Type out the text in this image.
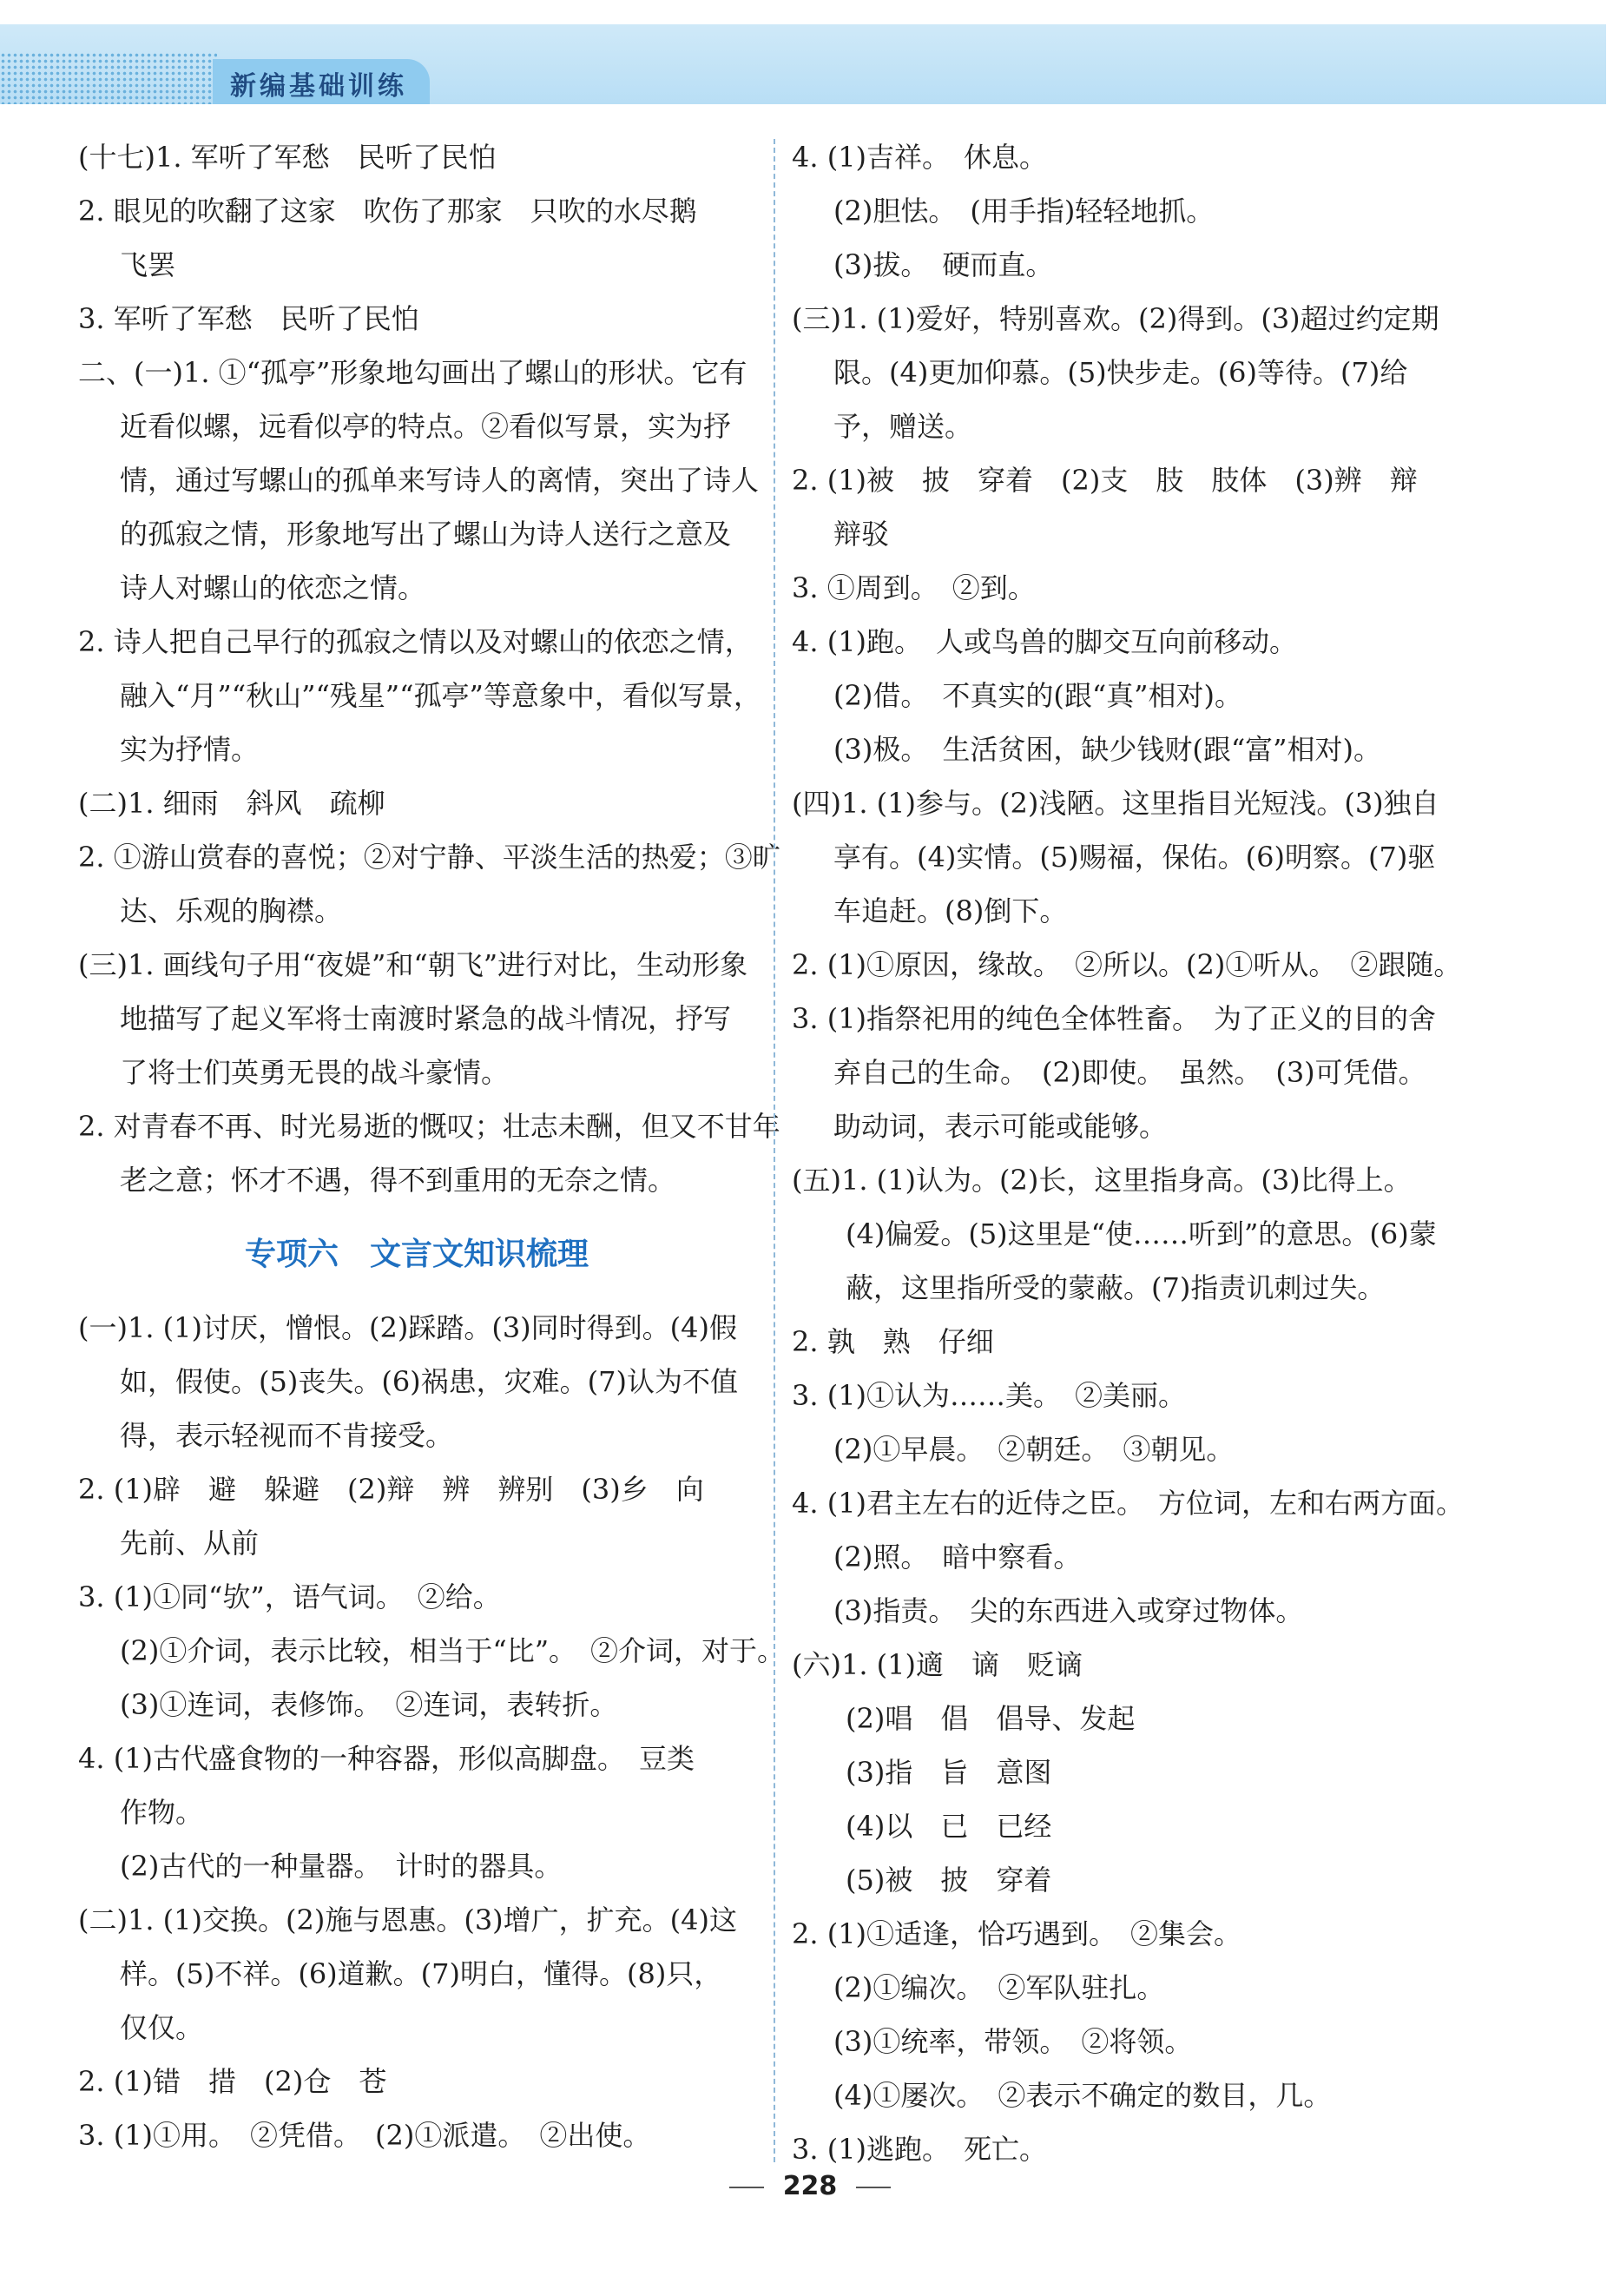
新编基础训练
(十七)1. 军听了军愁　民听了民怕
2. 眼见的吹翻了这家　吹伤了那家　只吹的水尽鹅
飞罢
3. 军听了军愁　民听了民怕
二、(一)1. ①“孤亭”形象地勾画出了螺山的形状。它有
近看似螺，远看似亭的特点。②看似写景，实为抒
情，通过写螺山的孤单来写诗人的离情，突出了诗人
的孤寂之情，形象地写出了螺山为诗人送行之意及
诗人对螺山的依恋之情。
2. 诗人把自己早行的孤寂之情以及对螺山的依恋之情，
融入“月”“秋山”“残星”“孤亭”等意象中，看似写景，
实为抒情。
(二)1. 细雨　斜风　疏柳
2. ①游山赏春的喜悦；②对宁静、平淡生活的热爱；③旷
达、乐观的胸襟。
(三)1. 画线句子用“夜媞”和“朝飞”进行对比，生动形象
地描写了起义军将士南渡时紧急的战斗情况，抒写
了将士们英勇无畏的战斗豪情。
2. 对青春不再、时光易逝的慨叹；壮志未酬，但又不甘年
老之意；怀才不遇，得不到重用的无奈之情。
专项六　文言文知识梳理
(一)1. (1)讨厌，憎恨。(2)踩踏。(3)同时得到。(4)假
如，假使。(5)丧失。(6)祸患，灾难。(7)认为不值
得，表示轻视而不肯接受。
2. (1)辟　避　躲避　(2)辩　辨　辨别　(3)乡　向
先前、从前
3. (1)①同“欤”，语气词。　②给。
(2)①介词，表示比较，相当于“比”。　②介词，对于。
(3)①连词，表修饰。　②连词，表转折。
4. (1)古代盛食物的一种容器，形似高脚盘。　豆类
作物。
(2)古代的一种量器。　计时的器具。
(二)1. (1)交换。(2)施与恩惠。(3)增广，扩充。(4)这
样。(5)不祥。(6)道歉。(7)明白，懂得。(8)只，
仅仅。
2. (1)错　措　(2)仓　苍
3. (1)①用。　②凭借。　(2)①派遣。　②出使。
4. (1)吉祥。　休息。
(2)胆怯。　(用手指)轻轻地抓。
(3)拔。　硬而直。
(三)1. (1)爱好，特别喜欢。(2)得到。(3)超过约定期
限。(4)更加仰慕。(5)快步走。(6)等待。(7)给
予，赠送。
2. (1)被　披　穿着　(2)支　肢　肢体　(3)辨　辩
辩驳
3. ①周到。　②到。
4. (1)跑。　人或鸟兽的脚交互向前移动。
(2)借。　不真实的(跟“真”相对)。
(3)极。　生活贫困，缺少钱财(跟“富”相对)。
(四)1. (1)参与。(2)浅陋。这里指目光短浅。(3)独自
享有。(4)实情。(5)赐福，保佑。(6)明察。(7)驱
车追赶。(8)倒下。
2. (1)①原因，缘故。　②所以。(2)①听从。　②跟随。
3. (1)指祭祀用的纯色全体牲畜。　为了正义的目的舍
弃自己的生命。　(2)即使。　虽然。　(3)可凭借。
助动词，表示可能或能够。
(五)1. (1)认为。(2)长，这里指身高。(3)比得上。
(4)偏爱。(5)这里是“使……听到”的意思。(6)蒙
蔽，这里指所受的蒙蔽。(7)指责讥刺过失。
2. 孰　熟　仔细
3. (1)①认为……美。　②美丽。
(2)①早晨。　②朝廷。　③朝见。
4. (1)君主左右的近侍之臣。　方位词，左和右两方面。
(2)照。　暗中察看。
(3)指责。　尖的东西进入或穿过物体。
(六)1. (1)適　谪　贬谪
(2)唱　倡　倡导、发起
(3)指　旨　意图
(4)以　已　已经
(5)被　披　穿着
2. (1)①适逢，恰巧遇到。　②集会。
(2)①编次。　②军队驻扎。
(3)①统率，带领。　②将领。
(4)①屡次。　②表示不确定的数目，几。
3. (1)逃跑。　死亡。
228
